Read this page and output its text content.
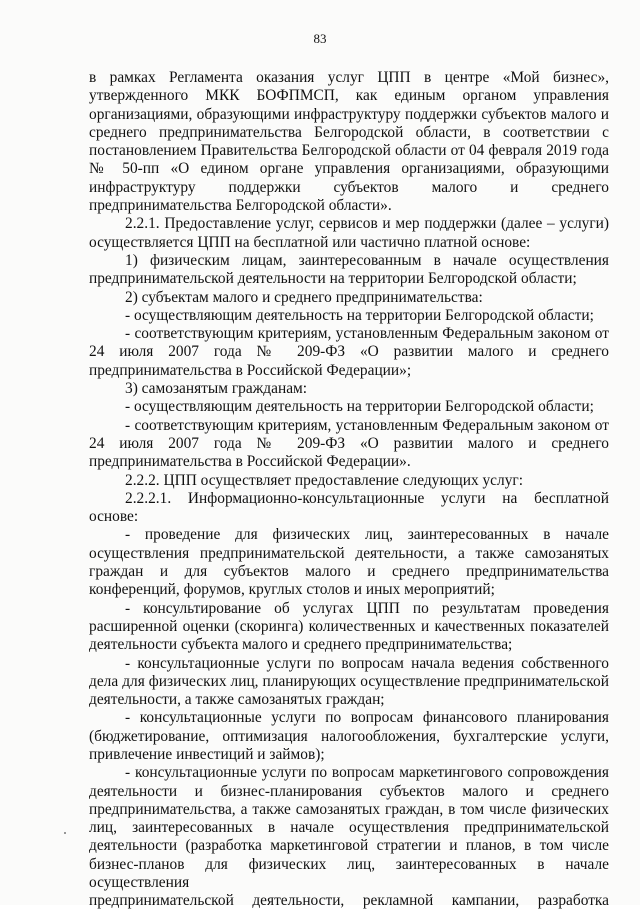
83

в рамках Регламента оказания услуг ЦПП в центре «Мой бизнес», утвержденного МКК БОФПМСП, как единым органом управления организациями, образующими инфраструктуру поддержки субъектов малого и среднего предпринимательства Белгородской области, в соответствии с постановлением Правительства Белгородской области от 04 февраля 2019 года № 50-пп «О едином органе управления организациями, образующими инфраструктуру поддержки субъектов малого и среднего предпринимательства Белгородской области».

2.2.1. Предоставление услуг, сервисов и мер поддержки (далее – услуги) осуществляется ЦПП на бесплатной или частично платной основе:

1) физическим лицам, заинтересованным в начале осуществления предпринимательской деятельности на территории Белгородской области;

2) субъектам малого и среднего предпринимательства:

- осуществляющим деятельность на территории Белгородской области;

- соответствующим критериям, установленным Федеральным законом от 24 июля 2007 года № 209-ФЗ «О развитии малого и среднего предпринимательства в Российской Федерации»;

3) самозанятым гражданам:

- осуществляющим деятельность на территории Белгородской области;

- соответствующим критериям, установленным Федеральным законом от 24 июля 2007 года № 209-ФЗ «О развитии малого и среднего предпринимательства в Российской Федерации».

2.2.2. ЦПП осуществляет предоставление следующих услуг:

2.2.2.1. Информационно-консультационные услуги на бесплатной основе:

- проведение для физических лиц, заинтересованных в начале осуществления предпринимательской деятельности, а также самозанятых граждан и для субъектов малого и среднего предпринимательства конференций, форумов, круглых столов и иных мероприятий;

- консультирование об услугах ЦПП по результатам проведения расширенной оценки (скоринга) количественных и качественных показателей деятельности субъекта малого и среднего предпринимательства;

- консультационные услуги по вопросам начала ведения собственного дела для физических лиц, планирующих осуществление предпринимательской деятельности, а также самозанятых граждан;

- консультационные услуги по вопросам финансового планирования (бюджетирование, оптимизация налогообложения, бухгалтерские услуги, привлечение инвестиций и займов);

- консультационные услуги по вопросам маркетингового сопровождения деятельности и бизнес-планирования субъектов малого и среднего предпринимательства, а также самозанятых граждан, в том числе физических лиц, заинтересованных в начале осуществления предпринимательской деятельности (разработка маркетинговой стратегии и планов, в том числе бизнес-планов для физических лиц, заинтересованных в начале осуществления

предпринимательской деятельности, рекламной кампании, разработка
